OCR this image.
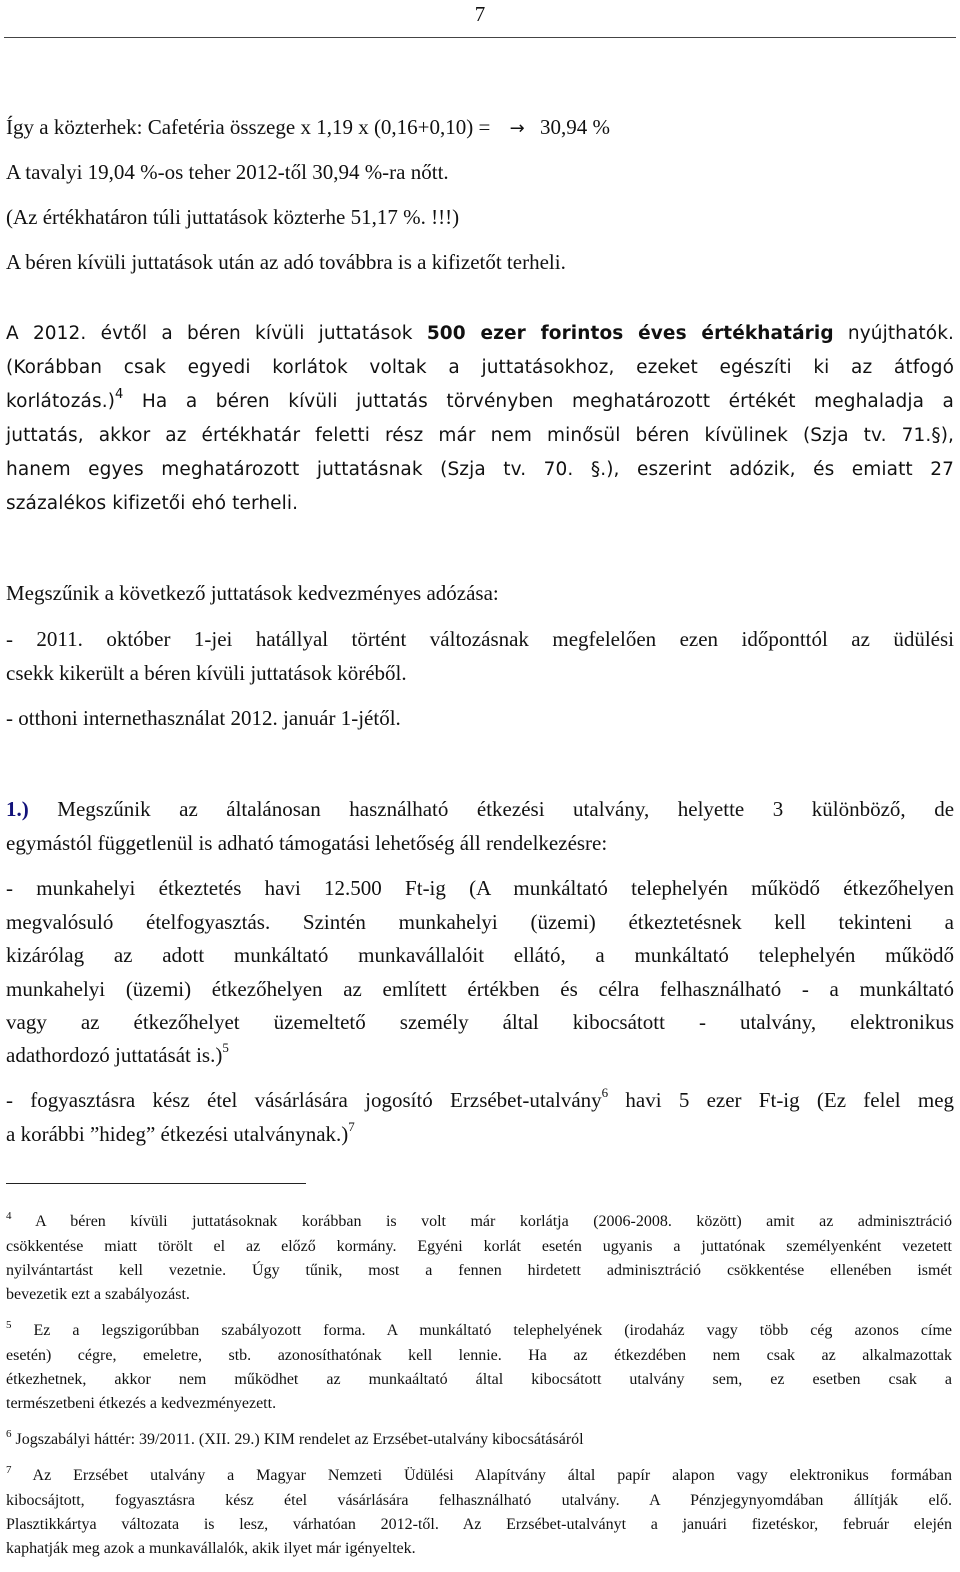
7
Így a közterhek: Cafetéria összege x 1,19 x (0,16+0,10) = → 30,94 %
A tavalyi 19,04 %-os teher 2012-től 30,94 %-ra nőtt.
(Az értékhatáron túli juttatások közterhe 51,17 %. !!!)
A béren kívüli juttatások után az adó továbbra is a kifizetőt terheli.
A 2012. évtől a béren kívüli juttatások 500 ezer forintos éves értékhatárig nyújthatók.
(Korábban csak egyedi korlátok voltak a juttatásokhoz, ezeket egészíti ki az átfogó
korlátozás.)$^4$ Ha a béren kívüli juttatás törvényben meghatározott értékét meghaladja a
juttatás, akkor az értékhatár feletti rész már nem minősül béren kívülinek (Szja tv. 71.§),
hanem egyes meghatározott juttatásnak (Szja tv. 70. §.), eszerint adózik, és emiatt 27
százalékos kifizetői ehó terheli.
Megszűnik a következő juttatások kedvezményes adózása:
- 2011. október 1-jei hatállyal történt változásnak megfelelően ezen időponttól az üdülési
csekk kikerült a béren kívüli juttatások köréből.
- otthoni internethasználat 2012. január 1-jétől.
1.) Megszűnik az általánosan használható étkezési utalvány, helyette 3 különböző, de
egymástól függetlenül is adható támogatási lehetőség áll rendelkezésre:
- munkahelyi étkeztetés havi 12.500 Ft-ig (A munkáltató telephelyén működő étkezőhelyen
megvalósuló ételfogyasztás. Szintén munkahelyi (üzemi) étkeztetésnek kell tekinteni a
kizárólag az adott munkáltató munkavállalóit ellátó, a munkáltató telephelyén működő
munkahelyi (üzemi) étkezőhelyen az említett értékben és célra felhasználható - a munkáltató
vagy az étkezőhelyet üzemeltető személy által kibocsátott - utalvány, elektronikus
adathordozó juttatását is.)$^5$
- fogyasztásra kész étel vásárlására jogosító Erzsébet-utalvány$^6$ havi 5 ezer Ft-ig (Ez felel meg
a korábbi ”hideg” étkezési utalványnak.)$^7$
$^4$ A béren kívüli juttatásoknak korábban is volt már korlátja (2006-2008. között) amit az adminisztráció
csökkentése miatt törölt el az előző kormány. Egyéni korlát esetén ugyanis a juttatónak személyenként vezetett
nyilvántartást kell vezetnie. Úgy tűnik, most a fennen hirdetett adminisztráció csökkentése ellenében ismét
bevezetik ezt a szabályozást.
$^5$ Ez a legszigorúbban szabályozott forma. A munkáltató telephelyének (irodaház vagy több cég azonos címe
esetén) cégre, emeletre, stb. azonosíthatónak kell lennie. Ha az étkezdében nem csak az alkalmazottak
étkezhetnek, akkor nem működhet az munkaáltató által kibocsátott utalvány sem, ez esetben csak a
természetbeni étkezés a kedvezményezett.
$^6$ Jogszabályi háttér: 39/2011. (XII. 29.) KIM rendelet az Erzsébet-utalvány kibocsátásáról
$^7$ Az Erzsébet utalvány a Magyar Nemzeti Üdülési Alapítvány által papír alapon vagy elektronikus formában
kibocsájtott, fogyasztásra kész étel vásárlására felhasználható utalvány. A Pénzjegynyomdában állítják elő.
Plasztikkártya változata is lesz, várhatóan 2012-től. Az Erzsébet-utalványt a januári fizetéskor, február elején
kaphatják meg azok a munkavállalók, akik ilyet már igényeltek.
